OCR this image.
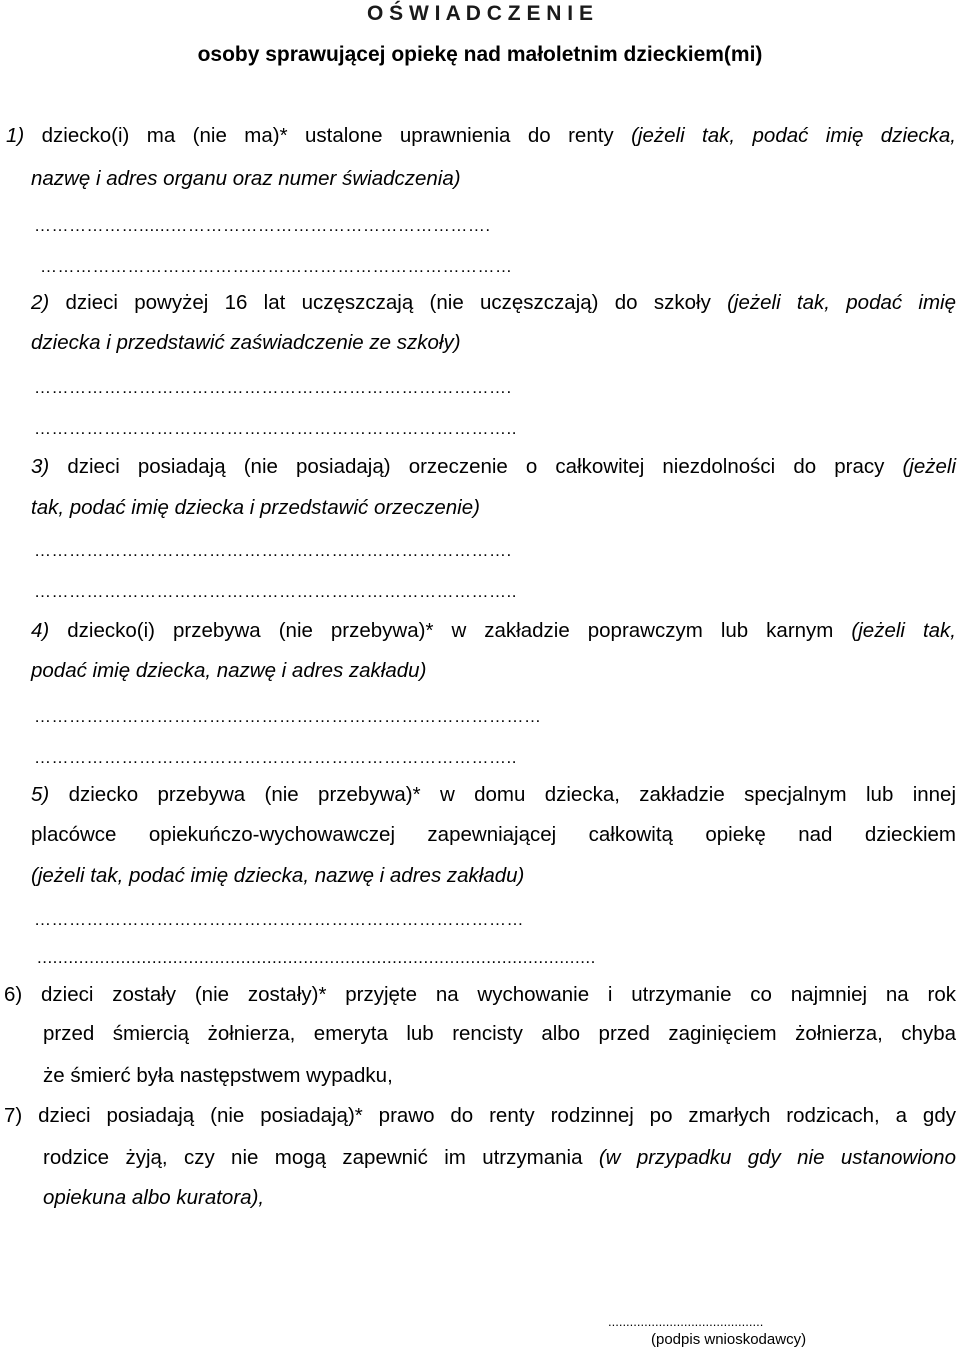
O Ś W I A D C Z E N I E
osoby sprawującej opiekę nad małoletnim dzieckiem(mi)
1) dziecko(i) ma (nie ma)* ustalone uprawnienia do renty (jeżeli tak, podać imię dziecka,
nazwę i adres organu oraz numer świadczenia)
………………......……………………………………………….
………………………………………………………………………
2) dzieci powyżej 16 lat uczęszczają (nie uczęszczają) do szkoły (jeżeli tak, podać imię
dziecka i przedstawić zaświadczenie ze szkoły)
……………………………………………………………………….
………………………………………………………………………..
3) dzieci posiadają (nie posiadają) orzeczenie o całkowitej niezdolności do pracy (jeżeli
tak, podać imię dziecka i przedstawić orzeczenie)
……………………………………………………………………….
………………………………………………………………………..
4) dziecko(i) przebywa (nie przebywa)* w zakładzie poprawczym lub karnym (jeżeli tak,
podać imię dziecka, nazwę i adres zakładu)
……………………………………………………………………………
………………………………………………………………………..
5) dziecko przebywa (nie przebywa)* w domu dziecka, zakładzie specjalnym lub innej
placówce opiekuńczo-wychowawczej zapewniającej całkowitą opiekę nad dzieckiem
(jeżeli tak, podać imię dziecka, nazwę i adres zakładu)
…………………………………………………………………………
...........................................................................................................
6) dzieci zostały (nie zostały)* przyjęte na wychowanie i utrzymanie co najmniej na rok
przed śmiercią żołnierza, emeryta lub rencisty albo przed zaginięciem żołnierza, chyba
że śmierć była następstwem wypadku,
7) dzieci posiadają (nie posiadają)* prawo do renty rodzinnej po zmarłych rodzicach, a gdy
rodzice żyją, czy nie mogą zapewnić im utrzymania (w przypadku gdy nie ustanowiono
opiekuna albo kuratora),
...........................................
(podpis wnioskodawcy)
